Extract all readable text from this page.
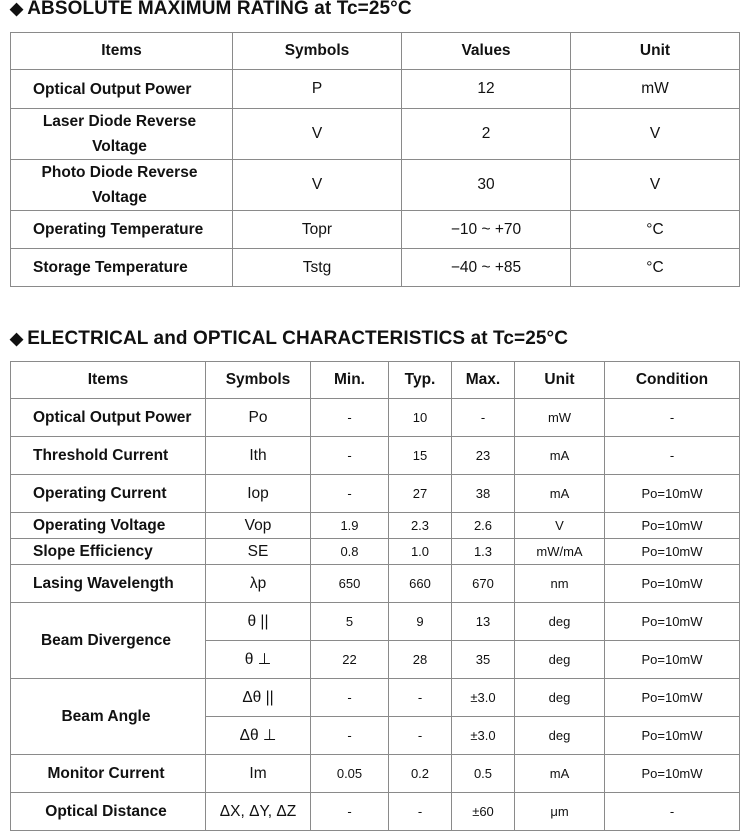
◆ ABSOLUTE MAXIMUM RATING at Tc=25°C
Items	Symbols	Values	Unit
Optical Output Power	P	12	mW

Laser Diode Reverse Voltage	V	2	V

Photo Diode Reverse Voltage	V	30	V
Operating Temperature	Topr	−10 ~ +70	°C
Storage Temperature	Tstg	−40 ~ +85	°C
◆ ELECTRICAL and OPTICAL CHARACTERISTICS at Tc=25°C
Items	Symbols	Min.	Typ.	Max.	Unit	Condition
Optical Output Power	Po	-	10	-	mW	-
Threshold Current	Ith	-	15	23	mA	-
Operating Current	Iop	-	27	38	mA	Po=10mW
Operating Voltage	Vop	1.9	2.3	2.6	V	Po=10mW
Slope Efficiency	SE	0.8	1.0	1.3	mW/mA	Po=10mW
Lasing Wavelength	λp	650	660	670	nm	Po=10mW
Beam Divergence	θ ||	5	9	13	deg	Po=10mW
	θ ⊥	22	28	35	deg	Po=10mW
Beam Angle	Δθ ||	-	-	±3.0	deg	Po=10mW
	Δθ ⊥	-	-	±3.0	deg	Po=10mW
Monitor Current	Im	0.05	0.2	0.5	mA	Po=10mW
Optical Distance	ΔX, ΔY, ΔZ	-	-	±60	μm	-
